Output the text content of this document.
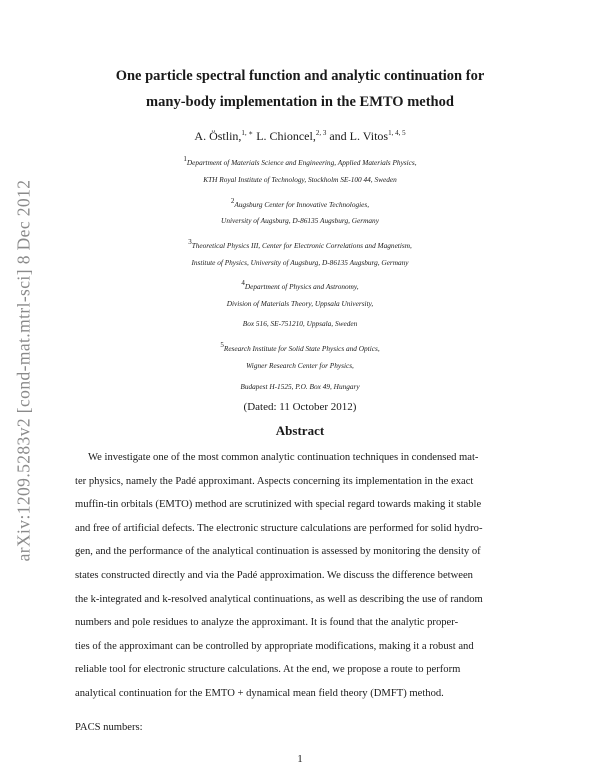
arXiv:1209.5283v2 [cond-mat.mtrl-sci] 8 Dec 2012
One particle spectral function and analytic continuation for
many-body implementation in the EMTO method
A. Östlin,$^{1, ∗}$ L. Chioncel,$^{2, 3}$ and L. Vitos$^{1, 4, 5}$
$^1$Department of Materials Science and Engineering, Applied Materials Physics,
KTH Royal Institute of Technology, Stockholm SE-100 44, Sweden
$^2$Augsburg Center for Innovative Technologies,
University of Augsburg, D-86135 Augsburg, Germany
$^3$Theoretical Physics III, Center for Electronic Correlations and Magnetism,
Institute of Physics, University of Augsburg, D-86135 Augsburg, Germany
$^4$Department of Physics and Astronomy,
Division of Materials Theory, Uppsala University,
Box 516, SE-751210, Uppsala, Sweden
$^5$Research Institute for Solid State Physics and Optics,
Wigner Research Center for Physics,
Budapest H-1525, P.O. Box 49, Hungary
(Dated: 11 October 2012)
Abstract
We investigate one of the most common analytic continuation techniques in condensed mat-
ter physics, namely the Padé approximant. Aspects concerning its implementation in the exact
muffin-tin orbitals (EMTO) method are scrutinized with special regard towards making it stable
and free of artificial defects. The electronic structure calculations are performed for solid hydro-
gen, and the performance of the analytical continuation is assessed by monitoring the density of
states constructed directly and via the Padé approximation. We discuss the difference between
the k-integrated and k-resolved analytical continuations, as well as describing the use of random
numbers and pole residues to analyze the approximant. It is found that the analytic proper-
ties of the approximant can be controlled by appropriate modifications, making it a robust and
reliable tool for electronic structure calculations. At the end, we propose a route to perform
analytical continuation for the EMTO + dynamical mean field theory (DMFT) method.
PACS numbers:
1
